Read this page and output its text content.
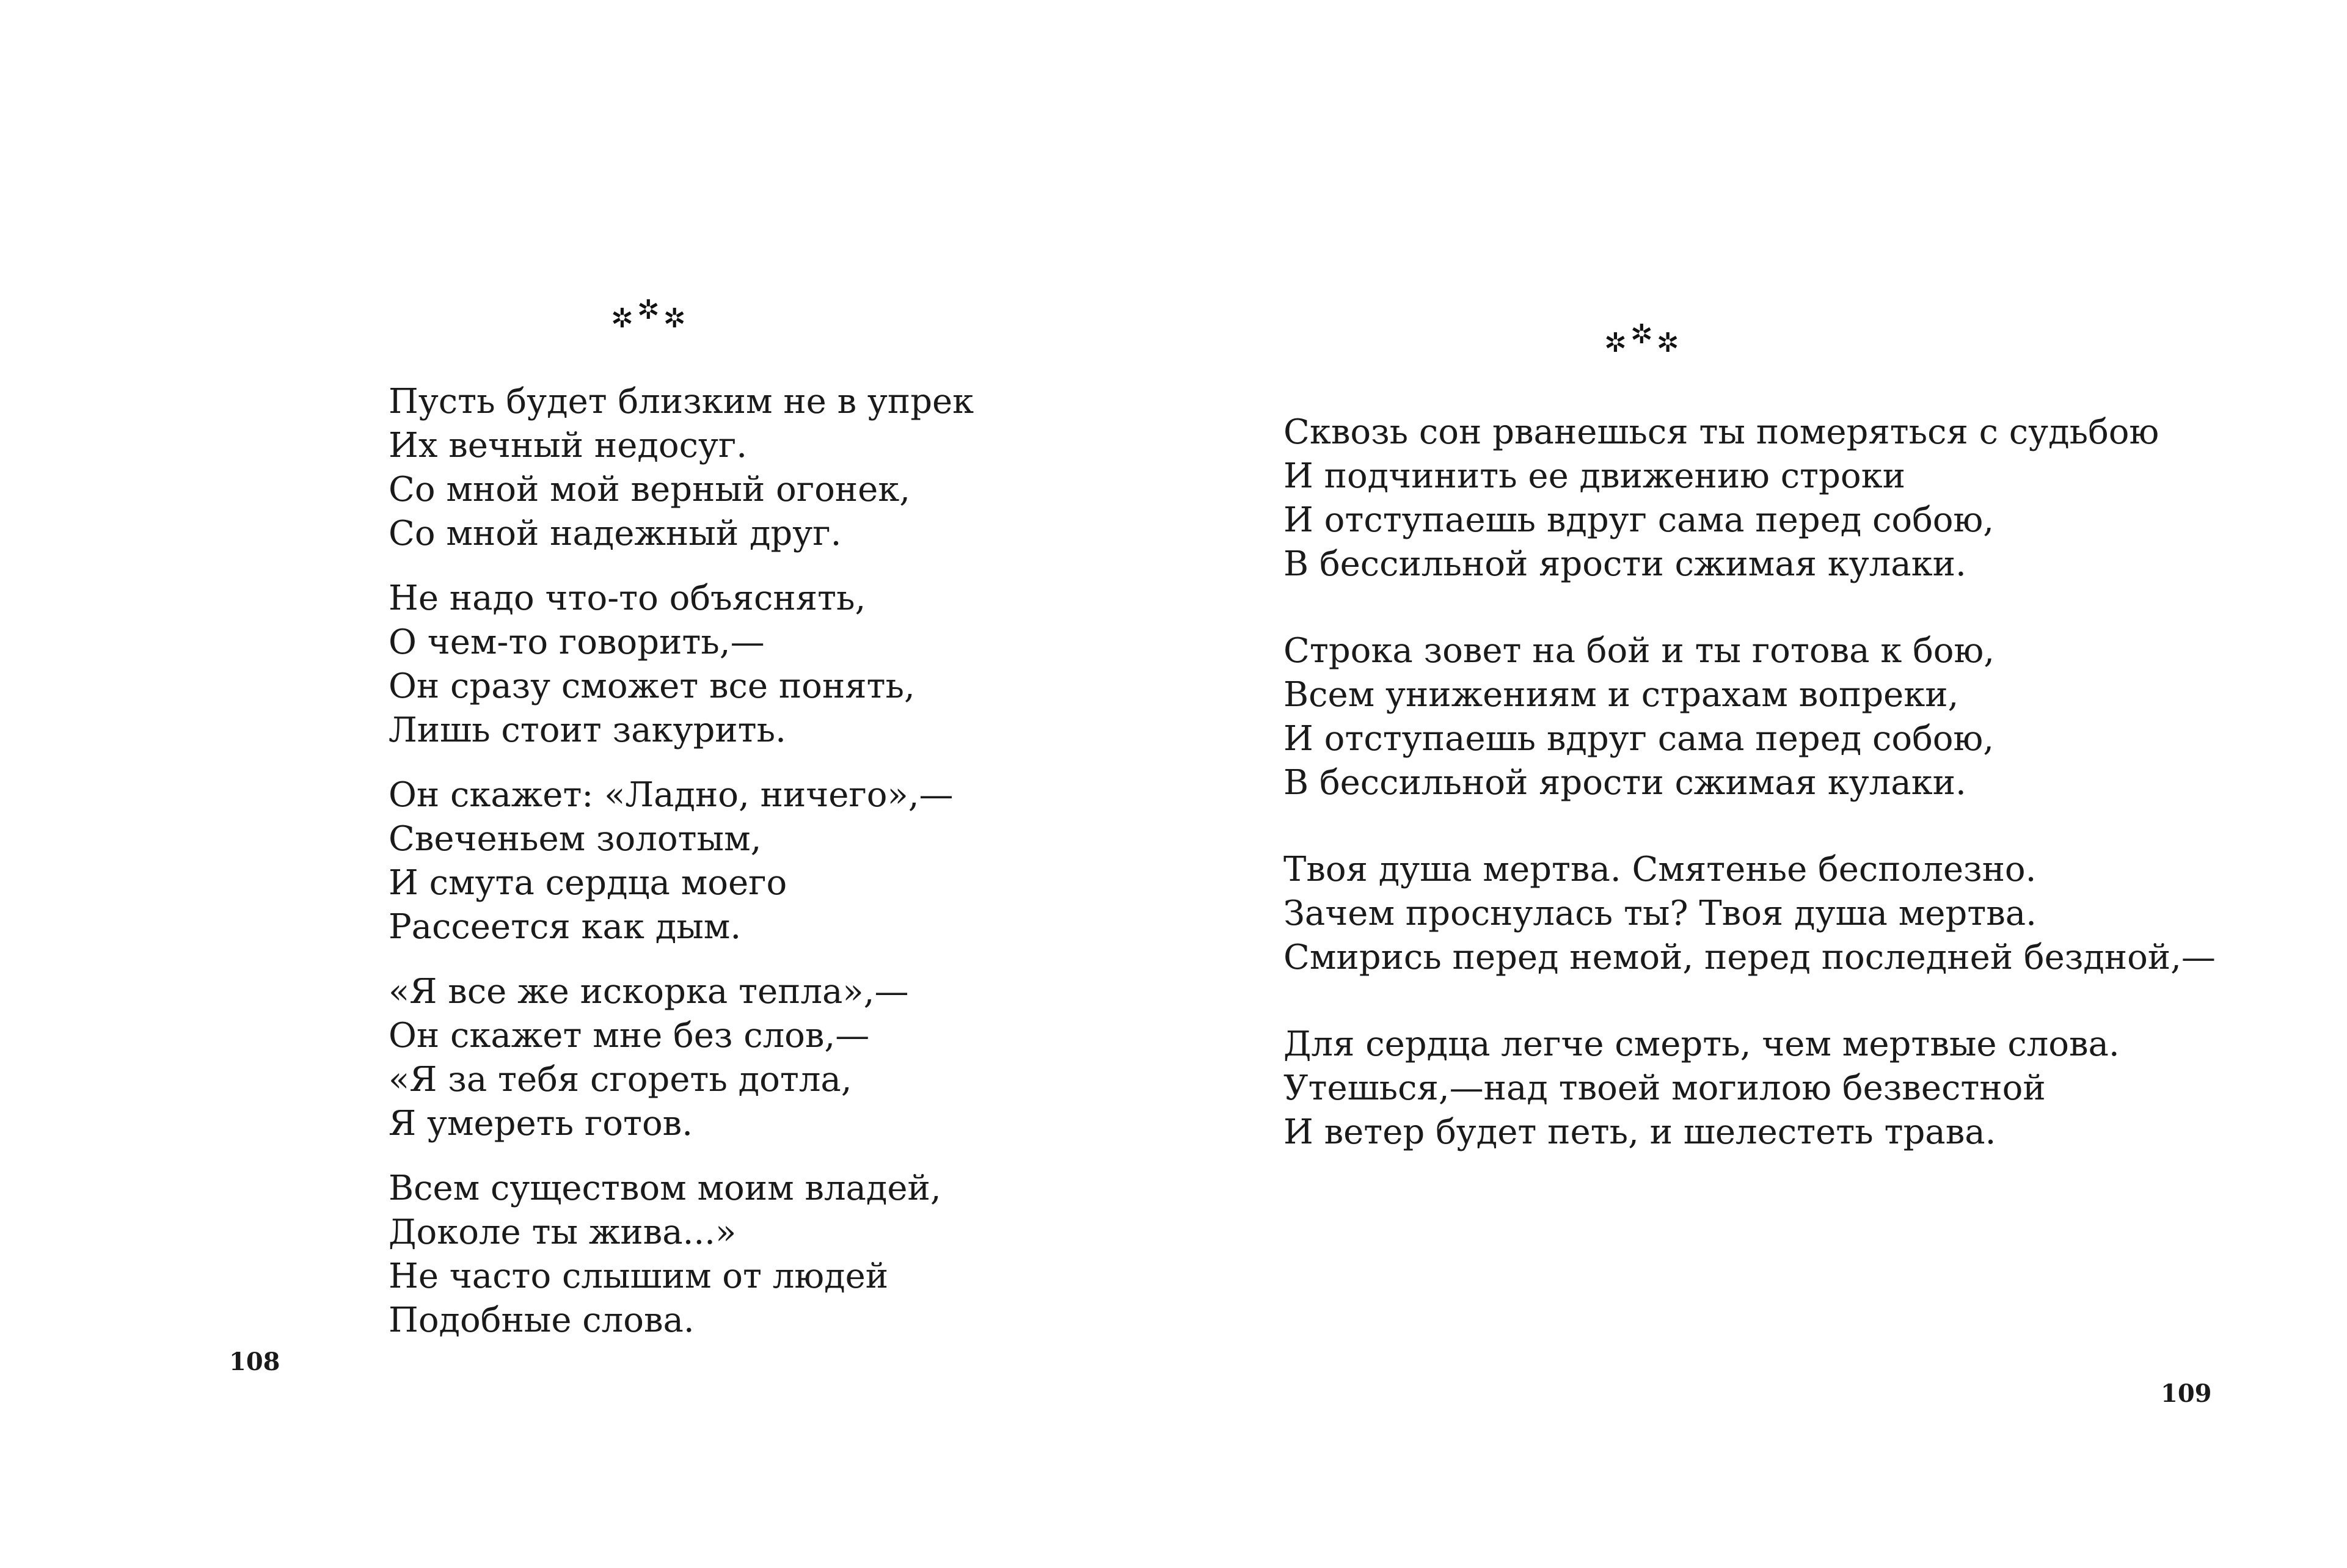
✲✲✲
Пусть будет близким не в упрек
Их вечный недосуг.
Со мной мой верный огонек,
Со мной надежный друг.
Не надо что-то объяснять,
О чем-то говорить,—
Он сразу сможет все понять,
Лишь стоит закурить.
Он скажет: «Ладно, ничего»,—
Свеченьем золотым,
И смута сердца моего
Рассеется как дым.
«Я все же искорка тепла»,—
Он скажет мне без слов,—
«Я за тебя сгореть дотла,
Я умереть готов.
Всем существом моим владей,
Доколе ты жива...»
Не часто слышим от людей
Подобные слова.
108
✲✲✲
Сквозь сон рванешься ты померяться с судьбою
И подчинить ее движению строки
И отступаешь вдруг сама перед собою,
В бессильной ярости сжимая кулаки.
Строка зовет на бой и ты готова к бою,
Всем унижениям и страхам вопреки,
И отступаешь вдруг сама перед собою,
В бессильной ярости сжимая кулаки.
Твоя душа мертва. Смятенье бесполезно.
Зачем проснулась ты? Твоя душа мертва.
Смирись перед немой, перед последней бездной,—
Для сердца легче смерть, чем мертвые слова.
Утешься,—над твоей могилою безвестной
И ветер будет петь, и шелестеть трава.
109
